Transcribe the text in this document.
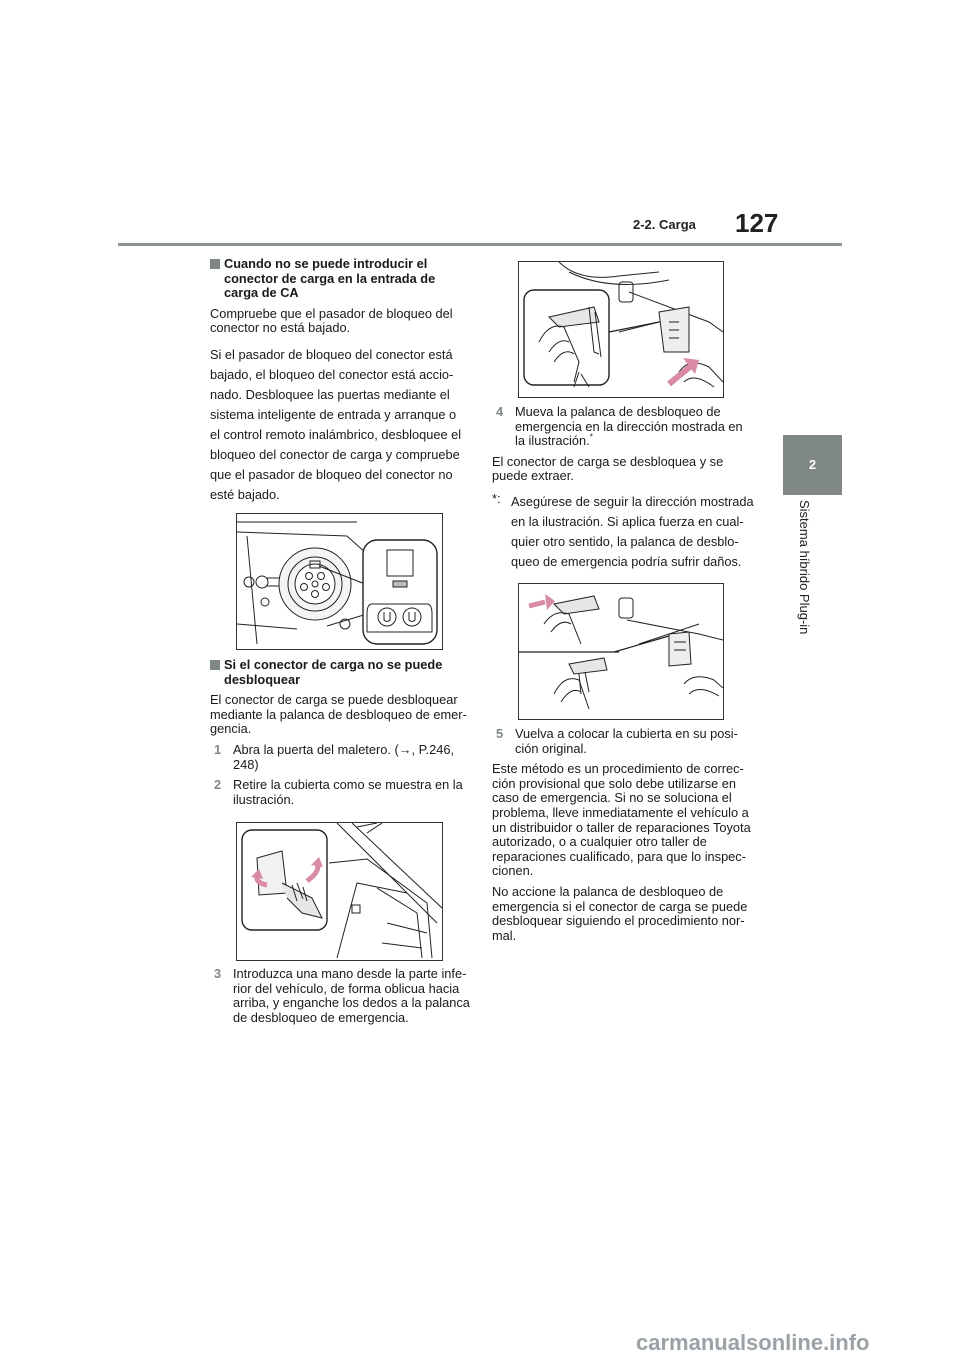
2-2. Carga 127
2
Sistema híbrido Plug-in

Cuando no se puede introducir el conector de carga en la entrada de carga de CA

Compruebe que el pasador de bloqueo del conector no está bajado.

Si el pasador de bloqueo del conector está

bajado, el bloqueo del conector está accio-

nado. Desbloquee las puertas mediante el

sistema inteligente de entrada y arranque o

el control remoto inalámbrico, desbloquee el

bloqueo del conector de carga y compruebe

que el pasador de bloqueo del conector no

esté bajado.

Si el conector de carga no se puede desbloquear

El conector de carga se puede desbloquear mediante la palanca de desbloqueo de emer-gencia.

1 Abra la puerta del maletero. (→, P.246, 248)

2 Retire la cubierta como se muestra en la ilustración.

3 Introduzca una mano desde la parte infe-rior del vehículo, de forma oblicua hacia arriba, y enganche los dedos a la palanca de desbloqueo de emergencia.

4 Mueva la palanca de desbloqueo de emergencia en la dirección mostrada en la ilustración.*

El conector de carga se desbloquea y se puede extraer.

*: Asegúrese de seguir la dirección mostrada

en la ilustración. Si aplica fuerza en cual-

quier otro sentido, la palanca de desblo-

queo de emergencia podría sufrir daños.

5 Vuelva a colocar la cubierta en su posi-ción original.

Este método es un procedimiento de correc-ción provisional que solo debe utilizarse en caso de emergencia. Si no se soluciona el problema, lleve inmediatamente el vehículo a un distribuidor o taller de reparaciones Toyota autorizado, o a cualquier otro taller de reparaciones cualificado, para que lo inspec-cionen.

No accione la palanca de desbloqueo de emergencia si el conector de carga se puede desbloquear siguiendo el procedimiento nor-mal.

carmanualsonline.info
